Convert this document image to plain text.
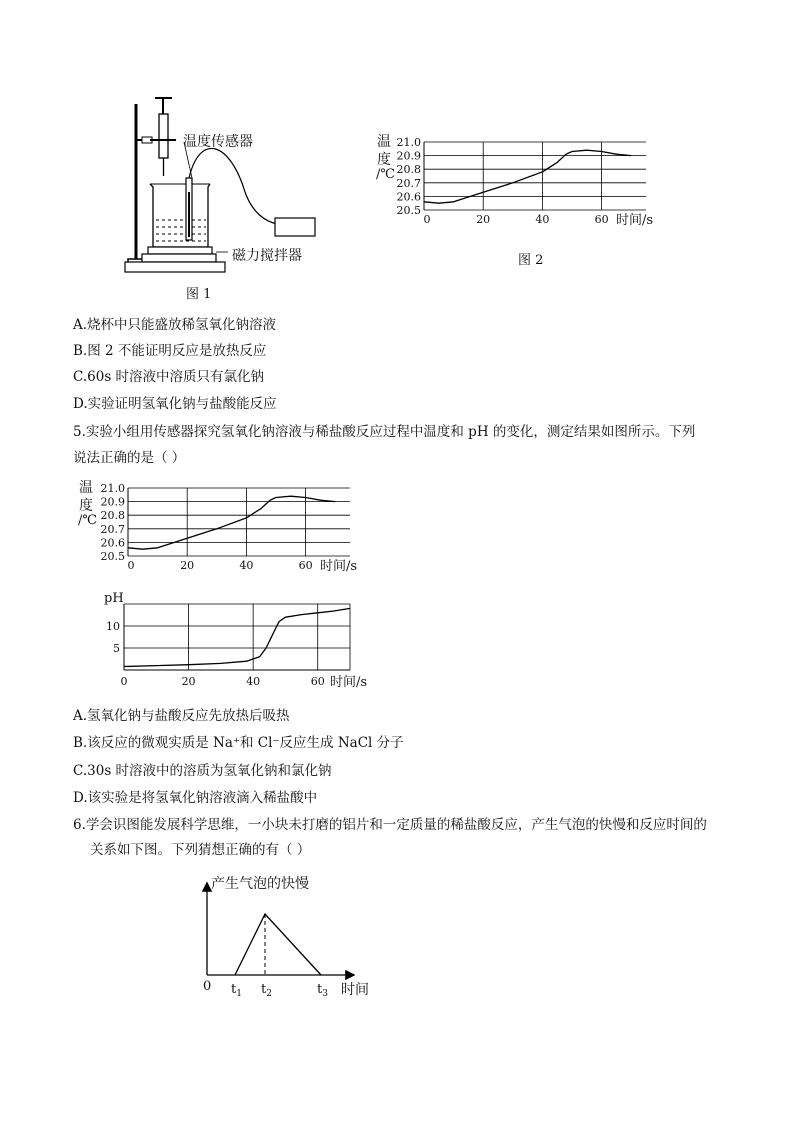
温度传感器
磁力搅拌器
图 1
温
度
/℃
20.5
20.6
20.7
20.8
20.9
21.0
0	20	40	60 时间/s
图 2
A.烧杯中只能盛放稀氢氧化钠溶液
B.图 2 不能证明反应是放热反应
C.60s 时溶液中溶质只有氯化钠
D.实验证明氢氧化钠与盐酸能反应
5.实验小组用传感器探究氢氧化钠溶液与稀盐酸反应过程中温度和 pH 的变化，测定结果如图所示。下列
说法正确的是（ ）
温
度
/℃
20.5
20.6
20.7
20.8
20.9
21.0
0	20	40	60 时间/s
pH
5
10
0	20	40	60 时间/s
A.氢氧化钠与盐酸反应先放热后吸热
B.该反应的微观实质是 Na⁺和 Cl⁻反应生成 NaCl 分子
C.30s 时溶液中的溶质为氢氧化钠和氯化钠
D.该实验是将氢氧化钠溶液滴入稀盐酸中
6.学会识图能发展科学思维，一小块未打磨的铝片和一定质量的稀盐酸反应，产生气泡的快慢和反应时间的
关系如下图。下列猜想正确的有（ ）
产生气泡的快慢
时间
0 $t_1$ $t_2$	$t_3$
